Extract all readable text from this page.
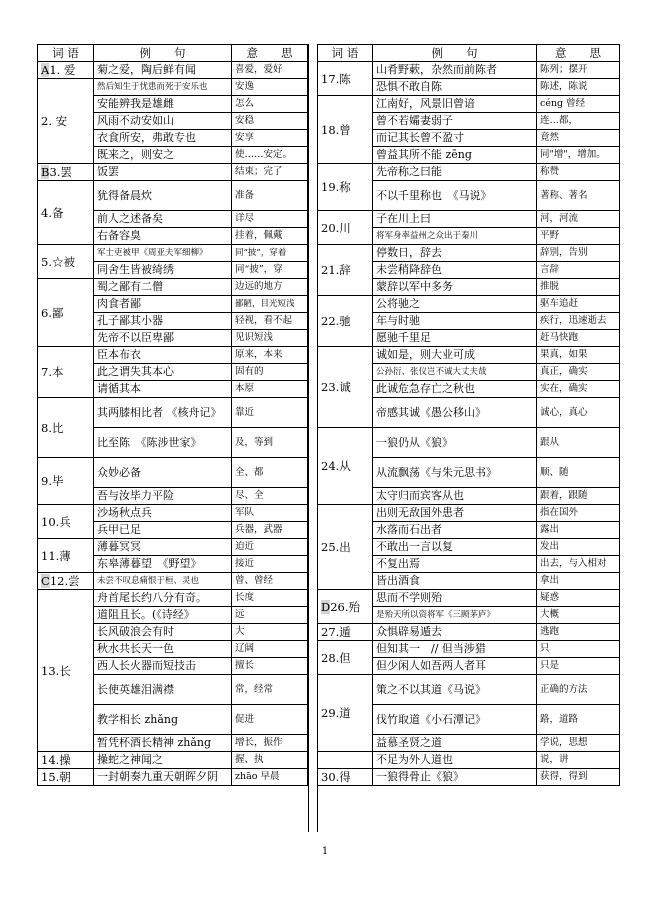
词 语	例　　句	意　　思
A1. 爱	菊之爱，陶后鲜有闻	喜爱，爱好
2. 安	然后知生于忧患而死于安乐也	安逸
	安能辨我是雄雌	怎么
	风雨不动安如山	安稳
	衣食所安，弗敢专也	安享
	既来之，则安之	使……安定。
B3.罢	饭罢	结束；完了
4.备	犹得备晨炊	准备
	前人之述备矣	详尽
	右备容臭	挂着，佩戴
5.☆被	军士吏被甲《周亚夫军细柳》	同“披”，穿着
	同舍生皆被绮绣	同“披”，穿
6.鄙	蜀之鄙有二僧	边远的地方
	肉食者鄙	鄙陋，目光短浅
	孔子鄙其小器	轻视，看不起
	先帝不以臣卑鄙	见识短浅
7.本	臣本布衣	原来，本来
	此之谓失其本心	固有的
	请循其本	本原
8.比	其两膝相比者 《核舟记》	靠近
	比至陈　《陈涉世家》	及，等到
9.毕	众妙必备	全、都
	吾与汝毕力平险	尽、全
10.兵	沙场秋点兵	军队
	兵甲已足	兵器，武器
11.薄	薄暮冥冥	迫近
	东皋薄暮望　《野望》	接近
C12.尝	未尝不叹息痛恨于桓、灵也	曾、曾经
13.长	舟首尾长约八分有奇。	长度
	道阻且长。(《诗经》	远
	长风破浪会有时	大
	秋水共长天一色	辽阔
	西人长火器而短技击	擅长
	长使英雄泪满襟	常，经常
	教学相长 zhǎng	促进
	暂凭杯酒长精神 zhǎng	增长，振作
14.操	操蛇之神闻之	握、执
15.朝	一封朝奏九重天朝晖夕阴	zhāo 早晨
词 语	例　　句	意　　思
17.陈	山肴野蔌，杂然而前陈者	陈列；摆开
	恐惧不敢自陈	陈述，陈说
18.曾	江南好，风景旧曾谙	céng 曾经
	曾不若孀妻弱子	连…都，
	而记其长曾不盈寸	竟然
	曾益其所不能 zēng	同"增"，增加。
19.称	先帝称之曰能	称赞
	不以千里称也　《马说》	著称、著名
20.川	子在川上曰	河，河流
	将军身率益州之众出于秦川	平野
21.辞	停数日，辞去	辞别，告别
	未尝稍降辞色	言辞
	蒙辞以军中多务	推脱
22.驰	公将驰之	驱车追赶
	年与时驰	疾行，迅速逝去
	愿驰千里足	赶马快跑
23.诚	诚如是，则大业可成	果真，如果
	公孙衍、张仪岂不诚大丈夫哉	真正，确实
	此诚危急存亡之秋也	实在，确实
	帝感其诚《愚公移山》	诚心，真心
24.从	一狼仍从《狼》	跟从
	从流飘荡《与朱元思书》	顺、随
	太守归而宾客从也	跟着，跟随
25.出	出则无敌国外患者	指在国外
	水落而石出者	露出
	不敢出一言以复	发出
	不复出焉	出去，与入相对
	皆出酒食	拿出
D26.殆	思而不学则殆	疑惑
	是殆天所以资将军《三顾茅庐》	大概
27.遁	众惧辟易遁去	逃跑
28.但	但知其一　// 但当涉猎	只
	但少闲人如吾两人者耳	只是
29.道	策之不以其道《马说》	正确的方法
	伐竹取道《小石潭记》	路，道路
	益慕圣贤之道	学说，思想
	不足为外人道也	说，讲
30.得	一狼得骨止《狼》	获得，得到
1
